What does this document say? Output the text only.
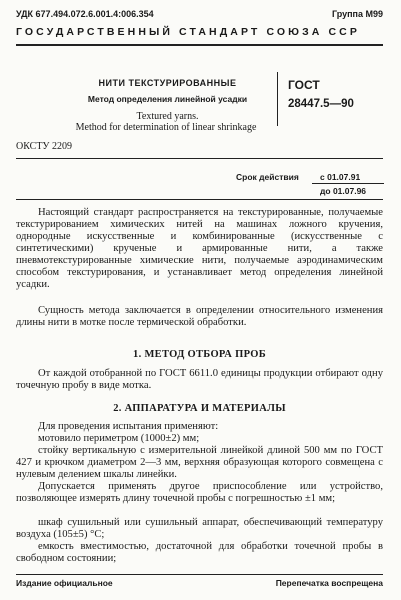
УДК 677.494.072.6.001.4:006.354	Группа М99
ГОСУДАРСТВЕННЫЙ СТАНДАРТ СОЮЗА ССР
НИТИ ТЕКСТУРИРОВАННЫЕ
Метод определения линейной усадки
Textured yarns.
Method for determination of linear shrinkage
ГОСТ
28447.5—90
ОКСТУ 2209
Срок действия с 01.07.91
до 01.07.96
Настоящий стандарт распространяется на текстурированные, получаемые текстурированием химических нитей на машинах ложного кручения, однородные искусственные и комбинированные (искусственные с синтетическими) крученые и армированные нити, а также пневмотекстурированные химические нити, получаемые аэродинамическим способом текстурирования, и устанавливает метод определения линейной усадки.
Сущность метода заключается в определении относительного изменения длины нити в мотке после термической обработки.
1. МЕТОД ОТБОРА ПРОБ
От каждой отобранной по ГОСТ 6611.0 единицы продукции отбирают одну точечную пробу в виде мотка.
2. АППАРАТУРА И МАТЕРИАЛЫ
Для проведения испытания применяют:
мотовило периметром (1000±2) мм;
стойку вертикальную с измерительной линейкой длиной 500 мм по ГОСТ 427 и крючком диаметром 2—3 мм, верхняя образующая которого совмещена с нулевым делением шкалы линейки.
Допускается применять другое приспособление или устройство, позволяющее измерять длину точечной пробы с погрешностью ±1 мм;
шкаф сушильный или сушильный аппарат, обеспечивающий температуру воздуха (105±5) °С;
емкость вместимостью, достаточной для обработки точечной пробы в свободном состоянии;
Издание официальное	Перепечатка воспрещена
